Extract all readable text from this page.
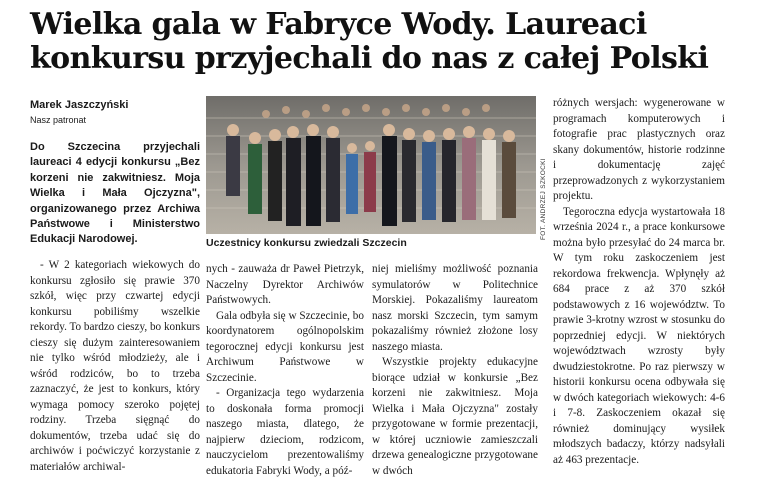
Wielka gala w Fabryce Wody. Laureaci konkursu przyjechali do nas z całej Polski
Marek Jaszczyński
Nasz patronat
Do Szczecina przyjechali laureaci 4 edycji konkursu „Bez korzeni nie zakwitniesz. Moja Wielka i Mała Ojczyzna", organizowanego przez Archiwa Państwowe i Ministerstwo Edukacji Narodowej.	FOT. ANDRZEJ SZKOCKI
Uczestnicy konkursu zwiedzali Szczecin

- W 2 kategoriach wiekowych do konkursu zgłosiło się prawie 370 szkół, więc przy czwartej edycji konkursu pobiliśmy wszelkie rekordy. To bardzo cieszy, bo konkurs cieszy się dużym zainteresowaniem nie tylko wśród młodzieży, ale i wśród rodziców, bo to trzeba zaznaczyć, że jest to konkurs, który wymaga pomocy szeroko pojętej rodziny. Trzeba sięgnąć do dokumentów, trzeba udać się do archiwów i poćwiczyć korzystanie z materiałów archiwal-

nych - zauważa dr Paweł Pietrzyk, Naczelny Dyrektor Archiwów Państwowych.

Gala odbyła się w Szczecinie, bo koordynatorem ogólnopolskim tegorocznej edycji konkursu jest Archiwum Państwowe w Szczecinie.

- Organizacja tego wydarzenia to doskonała forma promocji naszego miasta, dlatego, że najpierw dzieciom, rodzicom, nauczycielom prezentowaliśmy edukatoria Fabryki Wody, a póź-

niej mieliśmy możliwość poznania symulatorów w Politechnice Morskiej. Pokazaliśmy laureatom nasz morski Szczecin, tym samym pokazaliśmy również złożone losy naszego miasta.

Wszystkie projekty edukacyjne biorące udział w konkursie „Bez korzeni nie zakwitniesz. Moja Wielka i Mała Ojczyzna" zostały przygotowane w formie prezentacji, w której uczniowie zamieszczali drzewa genealogiczne przygotowane w dwóch

różnych wersjach: wygenerowane w programach komputerowych i fotografie prac plastycznych oraz skany dokumentów, historie rodzinne i dokumentację zajęć przeprowadzonych z wykorzystaniem projektu.

Tegoroczna edycja wystartowała 18 września 2024 r., a prace konkursowe można było przesyłać do 24 marca br. W tym roku zaskoczeniem jest rekordowa frekwencja. Wpłynęły aż 684 prace z aż 370 szkół podstawowych z 16 województw. To prawie 3-krotny wzrost w stosunku do poprzedniej edycji. W niektórych województwach wzrosty były dwudziestokrotne. Po raz pierwszy w historii konkursu ocena odbywała się w dwóch kategoriach wiekowych: 4-6 i 7-8. Zaskoczeniem okazał się również dominujący wysiłek młodszych badaczy, którzy nadsyłali aż 463 prezentacje.
